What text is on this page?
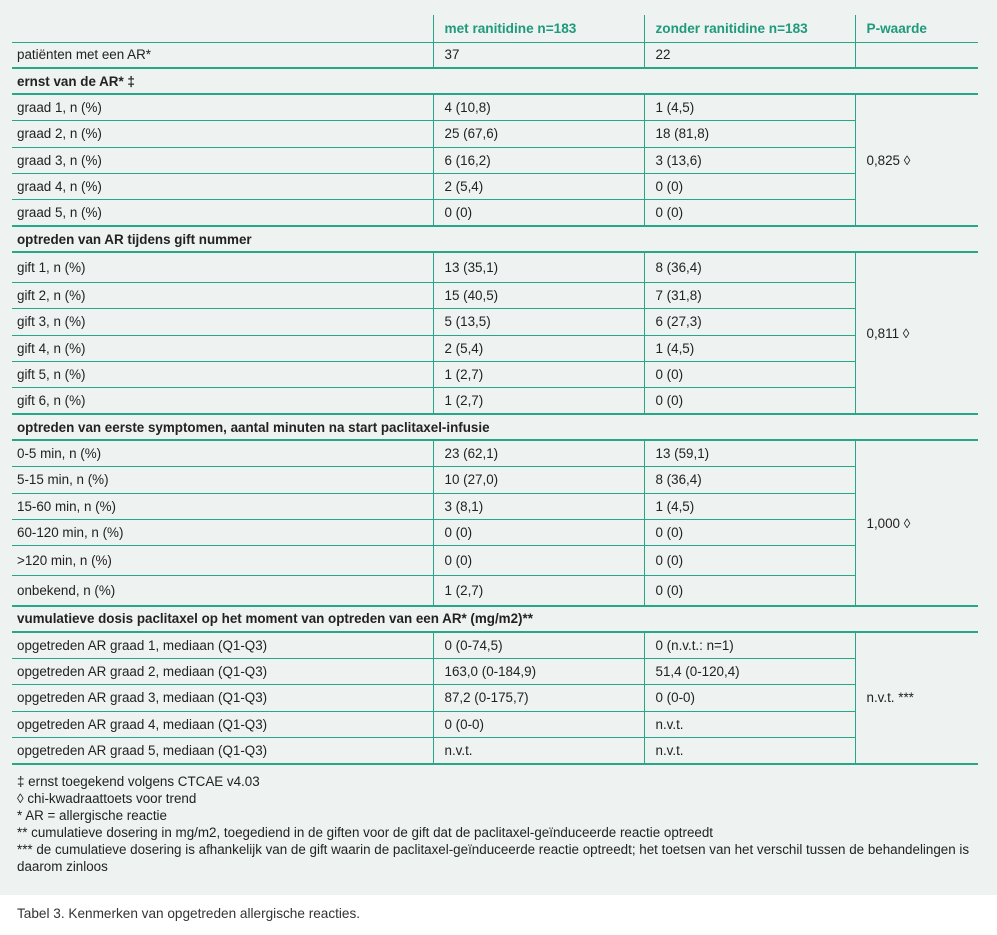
	met ranitidine n=183	zonder ranitidine n=183	P-waarde
patiënten met een AR*	37	22	
ernst van de AR* ‡			
graad 1, n (%)	4 (10,8)	1 (4,5)	0,825 ◊
graad 2, n (%)	25 (67,6)	18 (81,8)	
graad 3, n (%)	6 (16,2)	3 (13,6)	
graad 4, n (%)	2 (5,4)	0 (0)	
graad 5, n (%)	0 (0)	0 (0)	
optreden van AR tijdens gift nummer			
gift 1, n (%)	13 (35,1)	8 (36,4)	0,811 ◊
gift 2, n (%)	15 (40,5)	7 (31,8)	
gift 3, n (%)	5 (13,5)	6 (27,3)	
gift 4, n (%)	2 (5,4)	1 (4,5)	
gift 5, n (%)	1 (2,7)	0 (0)	
gift 6, n (%)	1 (2,7)	0 (0)	
optreden van eerste symptomen, aantal minuten na start paclitaxel-infusie			
0-5 min, n (%)	23 (62,1)	13 (59,1)	1,000 ◊
5-15 min, n (%)	10 (27,0)	8 (36,4)	
15-60 min, n (%)	3 (8,1)	1 (4,5)	
60-120 min, n (%)	0 (0)	0 (0)	
>120 min, n (%)	0 (0)	0 (0)	
onbekend, n (%)	1 (2,7)	0 (0)	
vumulatieve dosis paclitaxel op het moment van optreden van een AR* (mg/m2)**			
opgetreden AR graad 1, mediaan (Q1-Q3)	0 (0-74,5)	0 (n.v.t.: n=1)	n.v.t. ***
opgetreden AR graad 2, mediaan (Q1-Q3)	163,0 (0-184,9)	51,4 (0-120,4)	
opgetreden AR graad 3, mediaan (Q1-Q3)	87,2 (0-175,7)	0 (0-0)	
opgetreden AR graad 4, mediaan (Q1-Q3)	0 (0-0)	n.v.t.	
opgetreden AR graad 5, mediaan (Q1-Q3)	n.v.t.	n.v.t.	
‡ ernst toegekend volgens CTCAE v4.03
◊ chi-kwadraattoets voor trend
* AR = allergische reactie
** cumulatieve dosering in mg/m2, toegediend in de giften voor de gift dat de paclitaxel-geïnduceerde reactie optreedt
*** de cumulatieve dosering is afhankelijk van de gift waarin de paclitaxel-geïnduceerde reactie optreedt; het toetsen van het verschil tussen de behandelingen is daarom zinloos
Tabel 3. Kenmerken van opgetreden allergische reacties.
